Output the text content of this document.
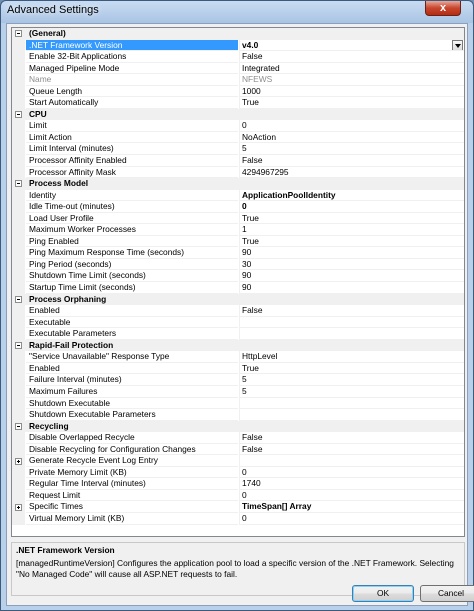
Advanced Settings	x
(General)
.NET Framework Version	v4.0
Enable 32-Bit Applications	False
Managed Pipeline Mode	Integrated
Name	NFEWS
Queue Length	1000
Start Automatically	True
CPU
Limit	0
Limit Action	NoAction
Limit Interval (minutes)	5
Processor Affinity Enabled	False
Processor Affinity Mask	4294967295
Process Model
Identity	ApplicationPoolIdentity
Idle Time-out (minutes)	0
Load User Profile	True
Maximum Worker Processes	1
Ping Enabled	True
Ping Maximum Response Time (seconds)	90
Ping Period (seconds)	30
Shutdown Time Limit (seconds)	90
Startup Time Limit (seconds)	90
Process Orphaning
Enabled	False
Executable
Executable Parameters
Rapid-Fail Protection
"Service Unavailable" Response Type	HttpLevel
Enabled	True
Failure Interval (minutes)	5
Maximum Failures	5
Shutdown Executable
Shutdown Executable Parameters
Recycling
Disable Overlapped Recycle	False
Disable Recycling for Configuration Changes	False
Generate Recycle Event Log Entry
Private Memory Limit (KB)	0
Regular Time Interval (minutes)	1740
Request Limit	0
Specific Times	TimeSpan[] Array
Virtual Memory Limit (KB)	0
.NET Framework Version
[managedRuntimeVersion] Configures the application pool to load a specific version of the .NET Framework. Selecting "No Managed Code" will cause all ASP.NET requests to fail.
OK	Cancel
